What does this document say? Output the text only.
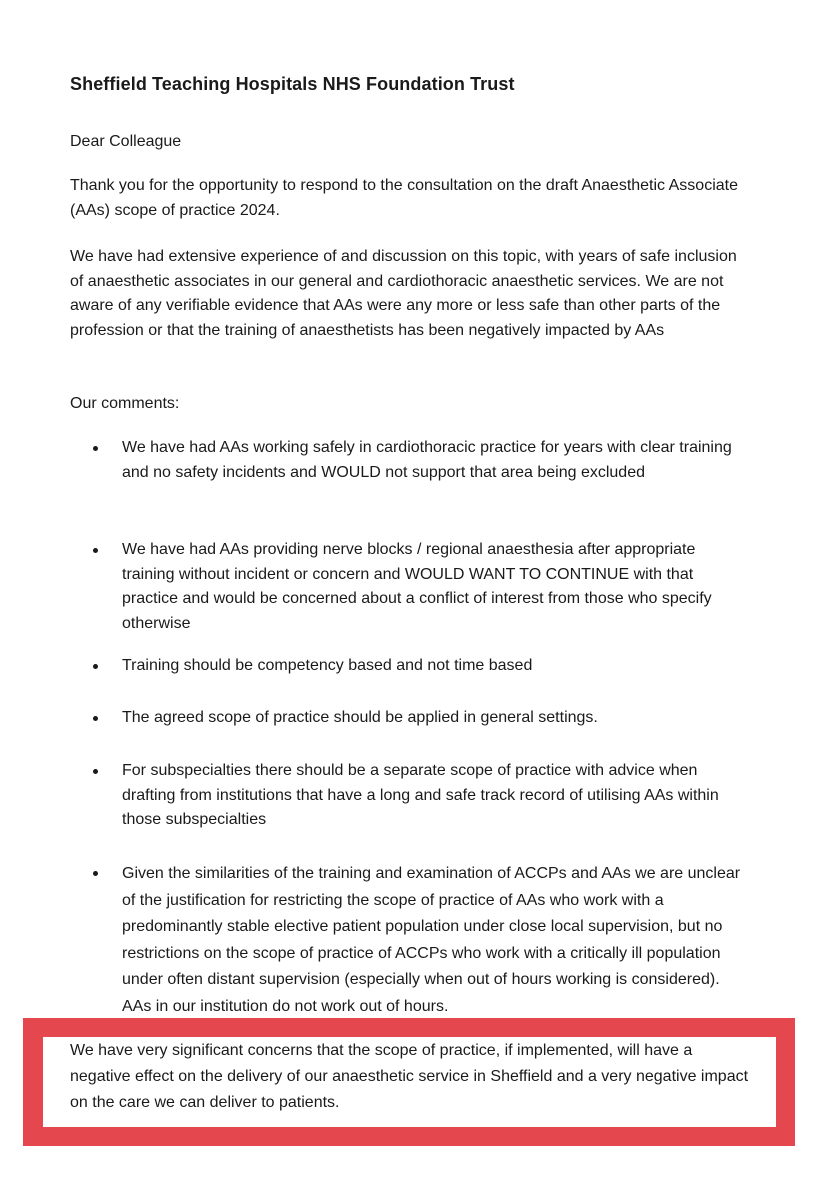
Sheffield Teaching Hospitals NHS Foundation Trust

Dear Colleague

Thank you for the opportunity to respond to the consultation on the draft Anaesthetic Associate (AAs) scope of practice 2024.

We have had extensive experience of and discussion on this topic, with years of safe inclusion of anaesthetic associates in our general and cardiothoracic anaesthetic services. We are not aware of any verifiable evidence that AAs were any more or less safe than other parts of the profession or that the training of anaesthetists has been negatively impacted by AAs

Our comments:

We have had AAs working safely in cardiothoracic practice for years with clear training and no safety incidents and WOULD not support that area being excluded

We have had AAs providing nerve blocks / regional anaesthesia after appropriate training without incident or concern and WOULD WANT TO CONTINUE with that practice and would be concerned about a conflict of interest from those who specify otherwise

Training should be competency based and not time based

The agreed scope of practice should be applied in general settings.

For subspecialties there should be a separate scope of practice with advice when drafting from institutions that have a long and safe track record of utilising AAs within those subspecialties

Given the similarities of the training and examination of ACCPs and AAs we are unclear of the justification for restricting the scope of practice of AAs who work with a predominantly stable elective patient population under close local supervision, but no restrictions on the scope of practice of ACCPs who work with a critically ill population under often distant supervision (especially when out of hours working is considered). AAs in our institution do not work out of hours.

We have very significant concerns that the scope of practice, if implemented, will have a negative effect on the delivery of our anaesthetic service in Sheffield and a very negative impact on the care we can deliver to patients.
